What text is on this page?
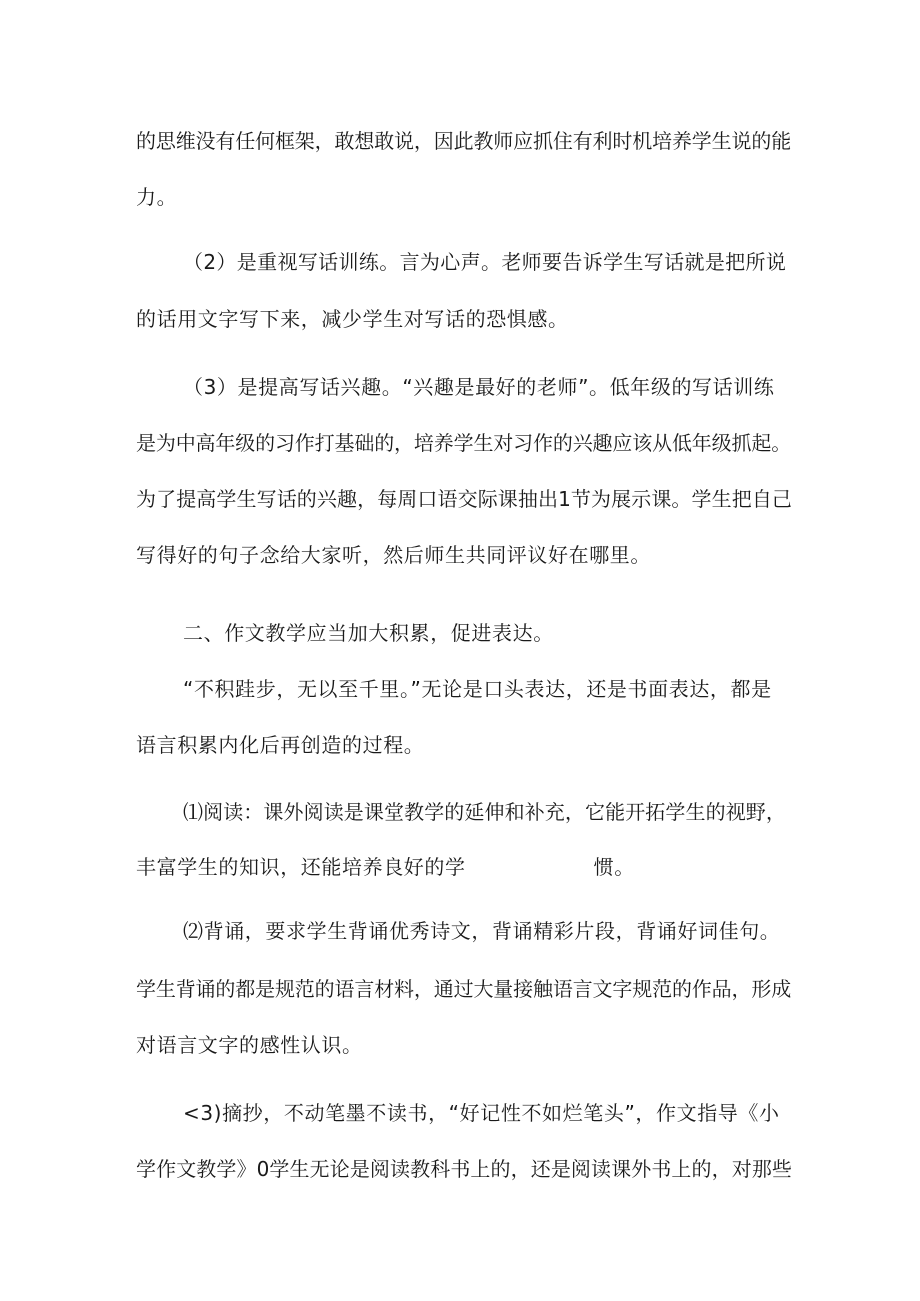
的思维没有任何框架，敢想敢说，因此教师应抓住有利时机培养学生说的能
力。
（2）是重视写话训练。言为心声。老师要告诉学生写话就是把所说
的话用文字写下来，减少学生对写话的恐惧感。
（3）是提高写话兴趣。“兴趣是最好的老师”。低年级的写话训练
是为中高年级的习作打基础的，培养学生对习作的兴趣应该从低年级抓起。
为了提高学生写话的兴趣，每周口语交际课抽出1节为展示课。学生把自己
写得好的句子念给大家听，然后师生共同评议好在哪里。
二、作文教学应当加大积累，促进表达。
“不积跬步，无以至千里。”无论是口头表达，还是书面表达，都是
语言积累内化后再创造的过程。
⑴阅读：课外阅读是课堂教学的延伸和补充，它能开拓学生的视野，
丰富学生的知识，还能培养良好的学	惯。
⑵背诵，要求学生背诵优秀诗文，背诵精彩片段，背诵好词佳句。
学生背诵的都是规范的语言材料，通过大量接触语言文字规范的作品，形成
对语言文字的感性认识。
<3)摘抄，不动笔墨不读书，“好记性不如烂笔头”，作文指导《小
学作文教学》0学生无论是阅读教科书上的，还是阅读课外书上的，对那些
